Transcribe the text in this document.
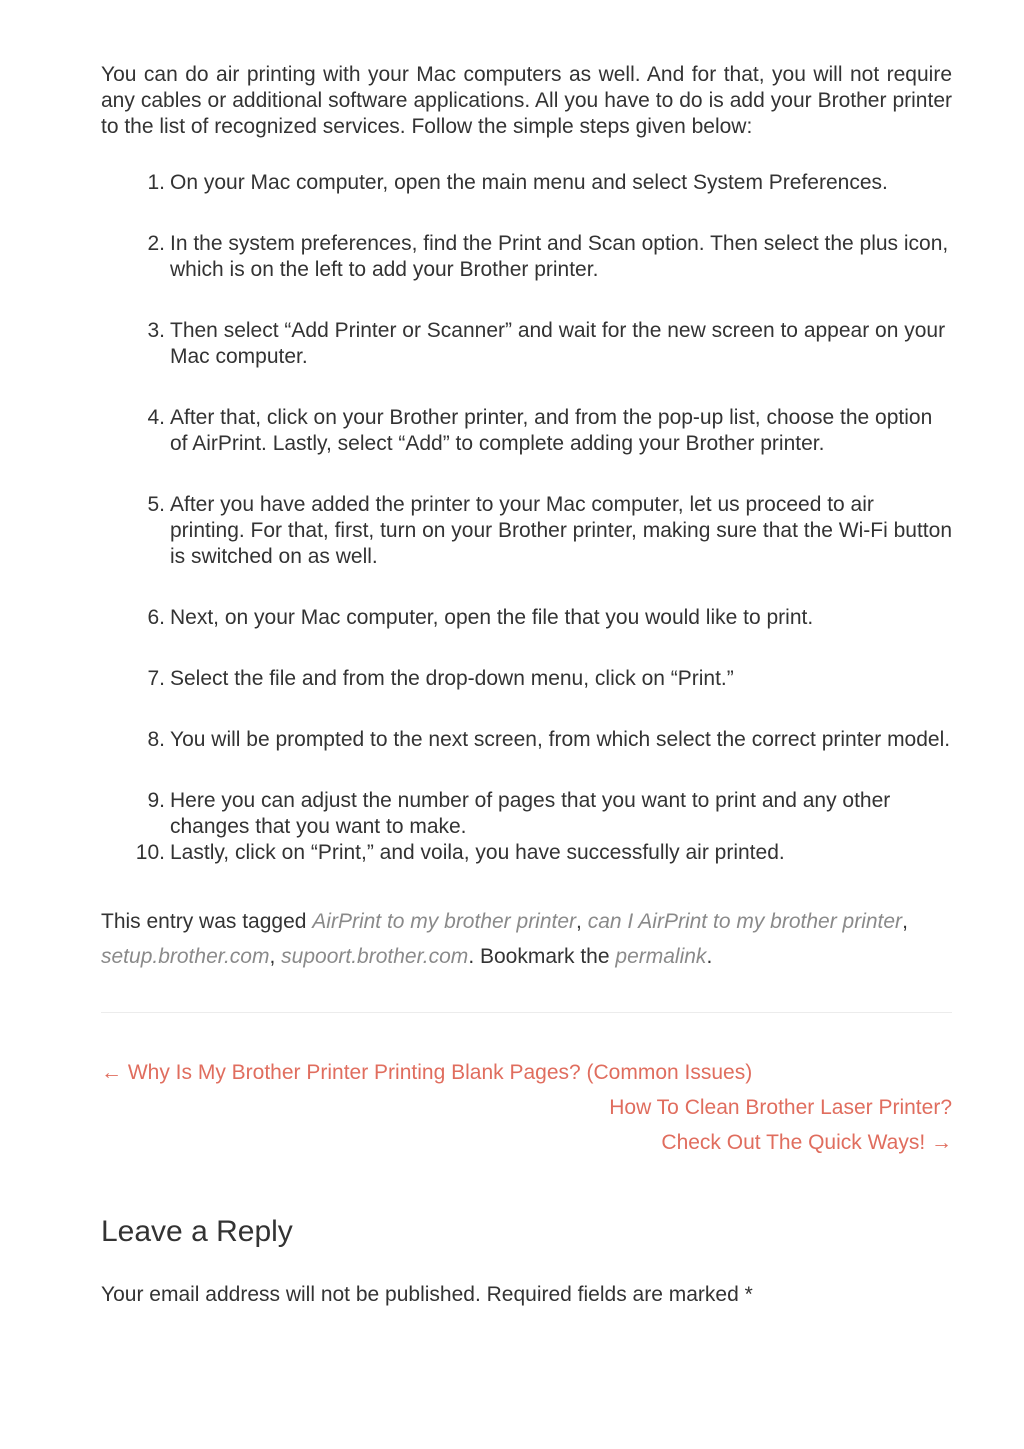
You can do air printing with your Mac computers as well. And for that, you will not require any cables or additional software applications. All you have to do is add your Brother printer to the list of recognized services. Follow the simple steps given below:

1. On your Mac computer, open the main menu and select System Preferences.
2. In the system preferences, find the Print and Scan option. Then select the plus icon, which is on the left to add your Brother printer.
3. Then select “Add Printer or Scanner” and wait for the new screen to appear on your Mac computer.
4. After that, click on your Brother printer, and from the pop-up list, choose the option of AirPrint. Lastly, select “Add” to complete adding your Brother printer.
5. After you have added the printer to your Mac computer, let us proceed to air printing. For that, first, turn on your Brother printer, making sure that the Wi-Fi button is switched on as well.
6. Next, on your Mac computer, open the file that you would like to print.
7. Select the file and from the drop-down menu, click on “Print.”
8. You will be prompted to the next screen, from which select the correct printer model.
9. Here you can adjust the number of pages that you want to print and any other changes that you want to make.
10. Lastly, click on “Print,” and voila, you have successfully air printed.

This entry was tagged AirPrint to my brother printer, can I AirPrint to my brother printer, setup.brother.com, supoort.brother.com. Bookmark the permalink.

← Why Is My Brother Printer Printing Blank Pages? (Common Issues)
How To Clean Brother Laser Printer?
Check Out The Quick Ways! →
Leave a Reply

Your email address will not be published. Required fields are marked *
